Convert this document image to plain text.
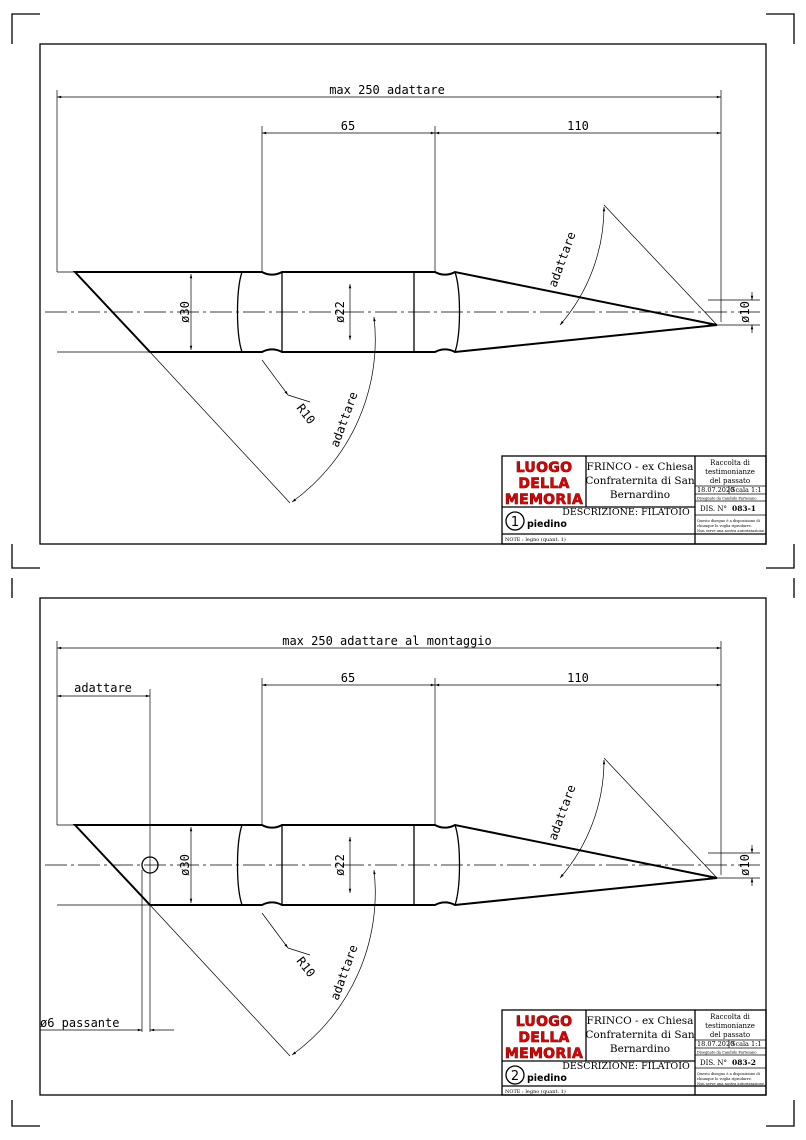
max 250 adattare
65	110
ø30	ø22	ø10
R10
adattare
adattare
LUOGO
DELLA
MEMORIA
FRINCO - ex Chiesa
Confraternita di San
Bernardino
Raccolta di
testimonianze
del passato
18.07.2020
Scala 1:1
Disegnato da Candido Partesano
DIS. N° 083-1
Questo disegno è a disposizione di
chiunque lo voglia riprodurre.
Non serve una nostra autorizzazione.
DESCRIZIONE: FILATOIO
1 piedino
NOTE : legno (quant. 1)
max 250 adattare al montaggio
adattare
65	110
ø6 passante
ø30	ø22	ø10
R10
adattare
adattare
LUOGO
DELLA
MEMORIA
FRINCO - ex Chiesa
Confraternita di San
Bernardino
Raccolta di
testimonianze
del passato
18.07.2020
Scala 1:1
Disegnato da Candido Partesano
DIS. N° 083-2
Questo disegno è a disposizione di
chiunque lo voglia riprodurre.
Non serve una nostra autorizzazione.
DESCRIZIONE: FILATOIO
2 piedino
NOTE : legno (quant. 1)
